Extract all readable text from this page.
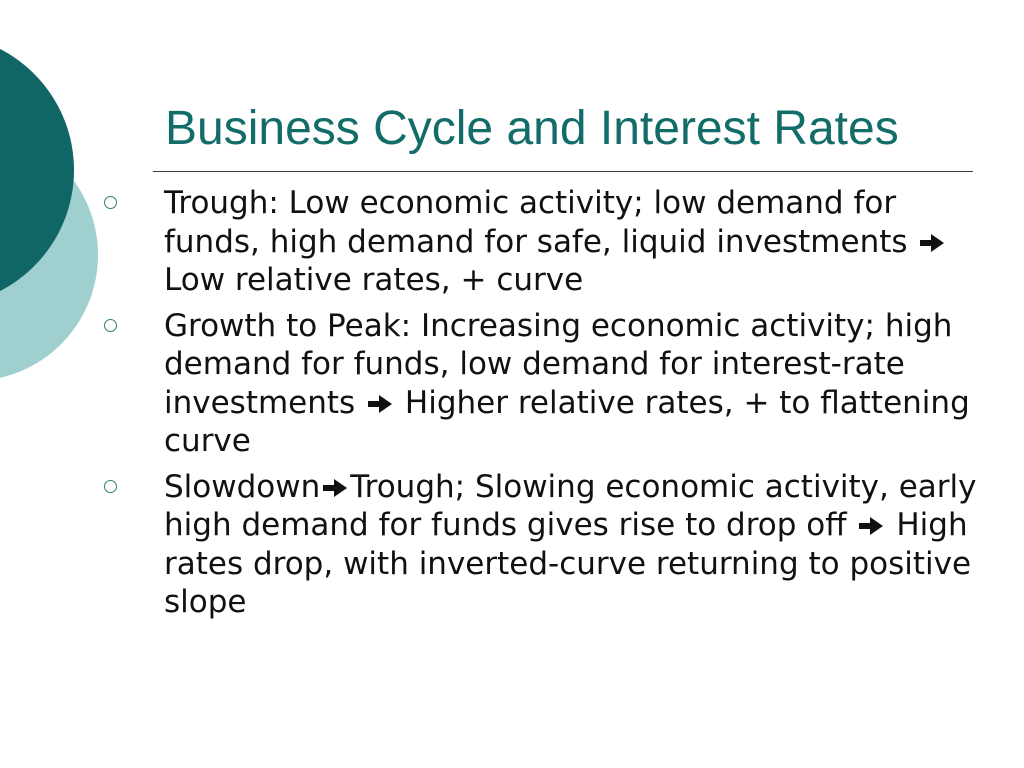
Business Cycle and Interest Rates
Trough: Low economic activity; low demand for funds, high demand for safe, liquid investments  Low relative rates, + curve
Growth to Peak: Increasing economic activity; high demand for funds, low demand for interest-rate investments  Higher relative rates, + to flattening curve
Slowdown Trough; Slowing economic activity, early high demand for funds gives rise to drop off  High rates drop, with inverted-curve returning to positive slope
